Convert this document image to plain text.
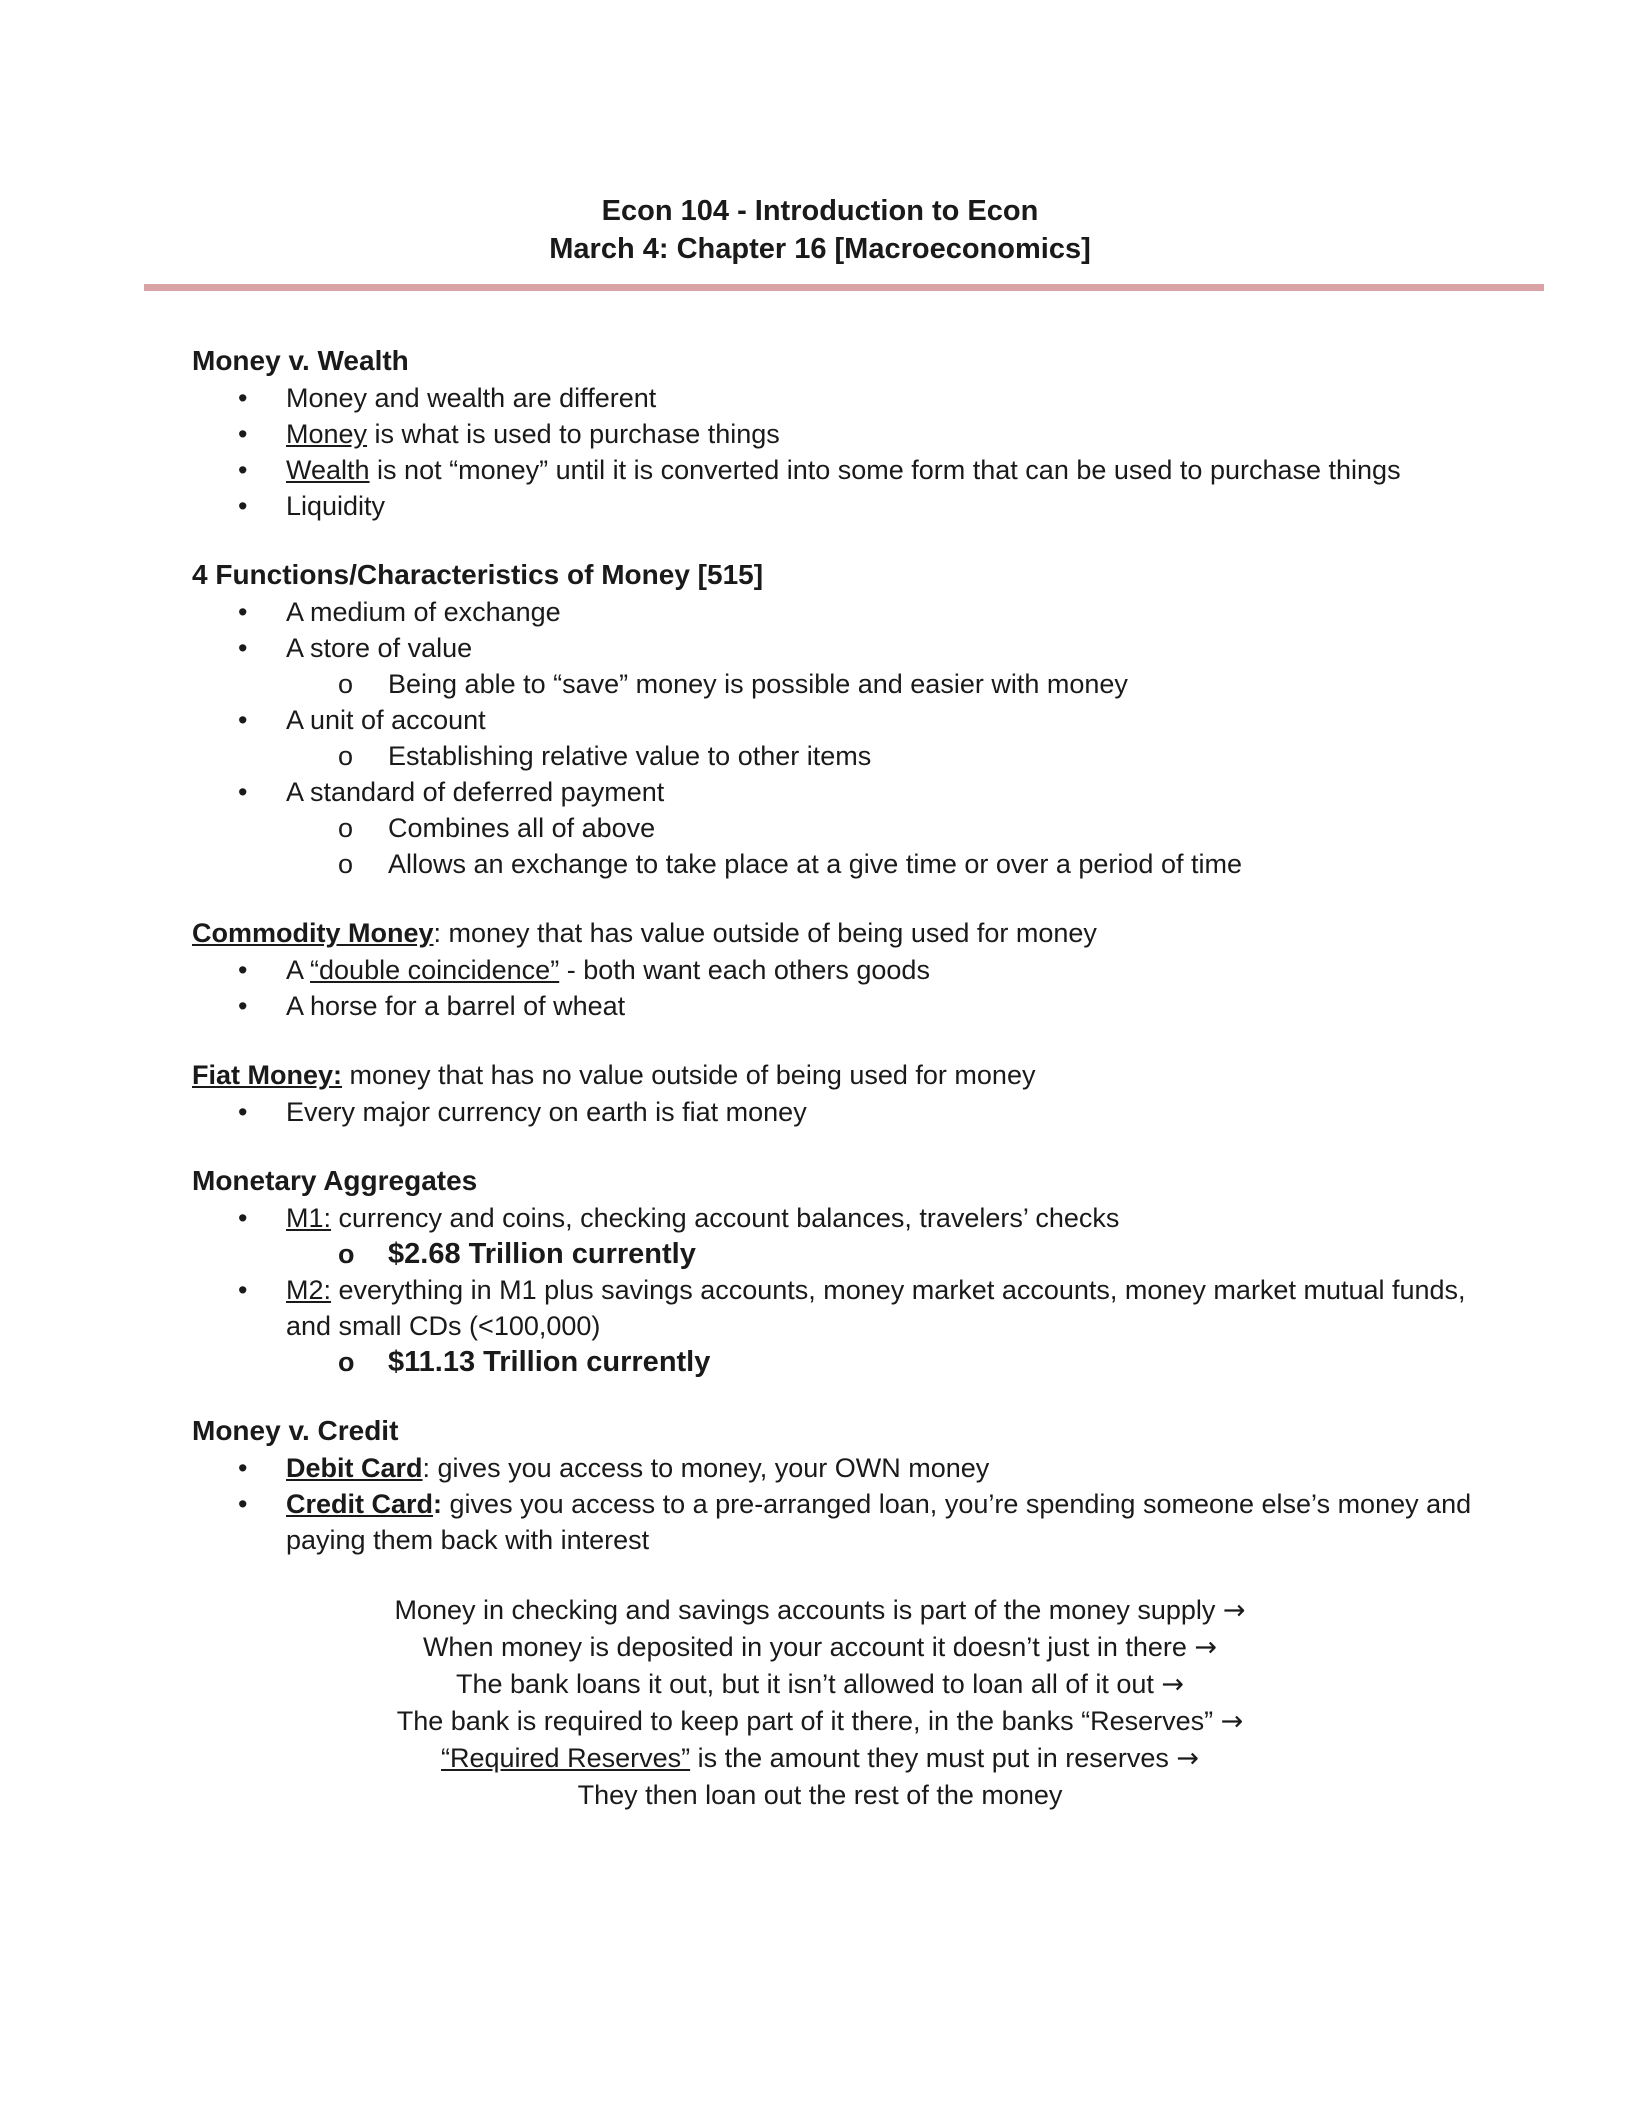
Econ 104 - Introduction to Econ
March 4: Chapter 16 [Macroeconomics]
Money v. Wealth
• Money and wealth are different
• Money is what is used to purchase things
• Wealth is not “money” until it is converted into some form that can be used to purchase things
• Liquidity
4 Functions/Characteristics of Money [515]
• A medium of exchange
• A store of value
o	Being able to “save” money is possible and easier with money
• A unit of account
o	Establishing relative value to other items
• A standard of deferred payment
o	Combines all of above
o	Allows an exchange to take place at a give time or over a period of time
Commodity Money: money that has value outside of being used for money
• A “double coincidence” - both want each others goods
• A horse for a barrel of wheat
Fiat Money: money that has no value outside of being used for money
• Every major currency on earth is fiat money
Monetary Aggregates
• M1: currency and coins, checking account balances, travelers’ checks
o	$2.68 Trillion currently
• M2: everything in M1 plus savings accounts, money market accounts, money market mutual funds, and small CDs (<100,000)
o	$11.13 Trillion currently
Money v. Credit
• Debit Card: gives you access to money, your OWN money
• Credit Card: gives you access to a pre-arranged loan, you’re spending someone else’s money and paying them back with interest
Money in checking and savings accounts is part of the money supply →
When money is deposited in your account it doesn’t just in there →
The bank loans it out, but it isn’t allowed to loan all of it out →
The bank is required to keep part of it there, in the banks “Reserves” →
“Required Reserves” is the amount they must put in reserves →
They then loan out the rest of the money
